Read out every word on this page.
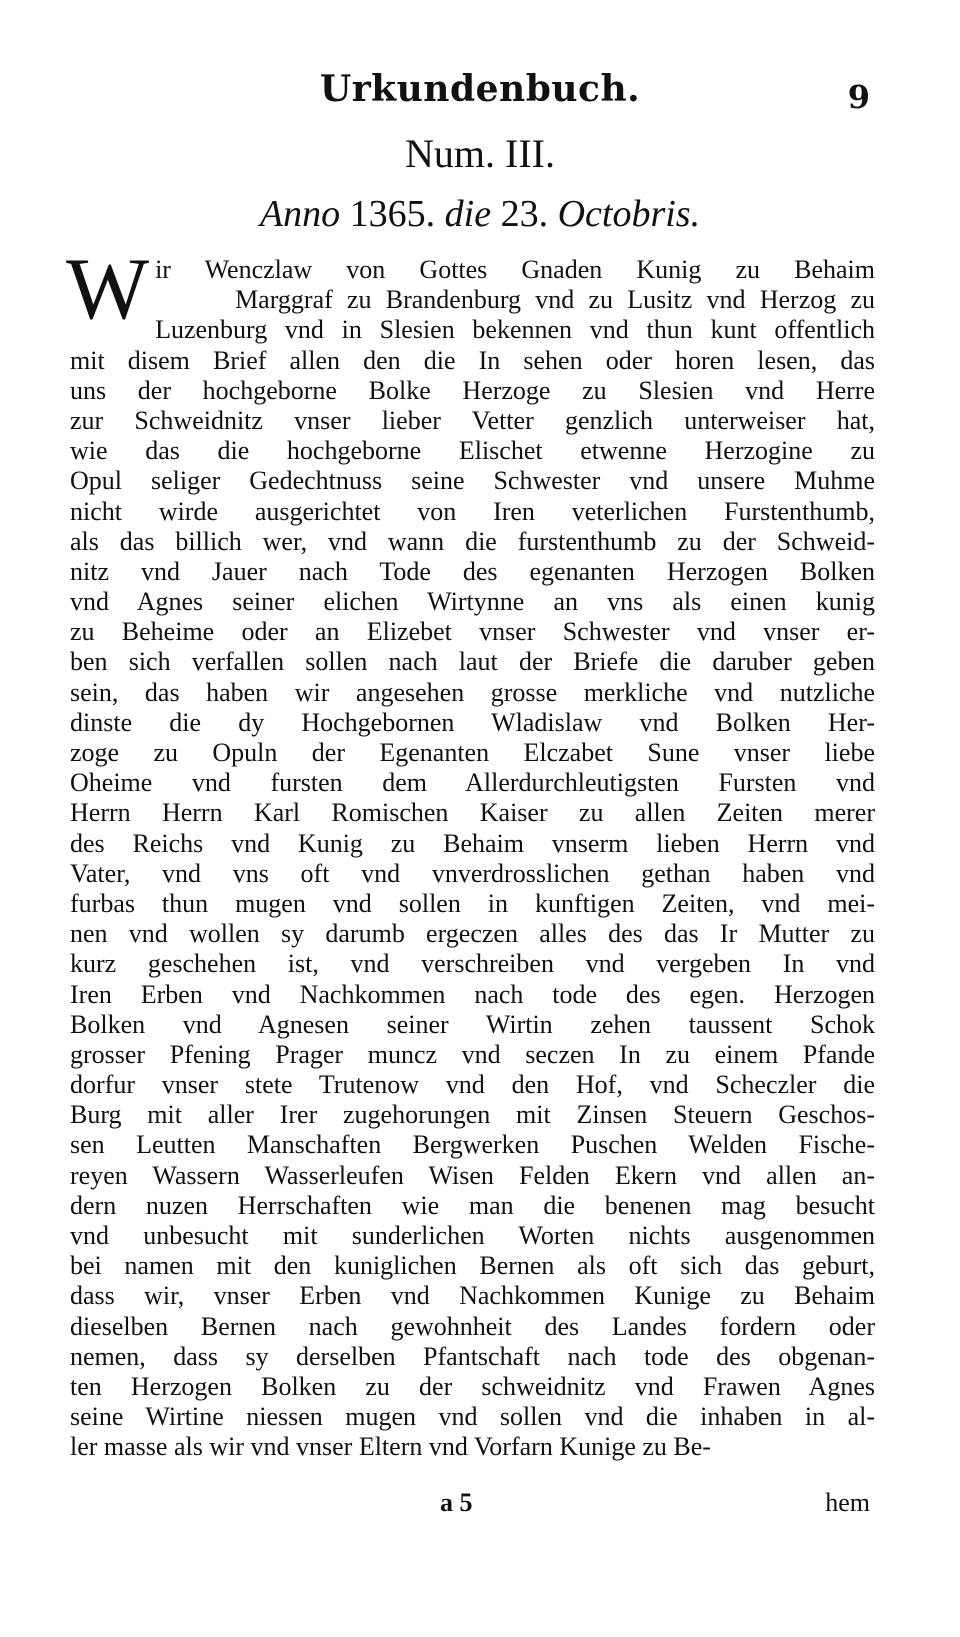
Urkundenbuch.	9
Num. III.
Anno 1365. die 23. Octobris.
W ir Wenczlaw von Gottes Gnaden Kunig zu Behaim
Marggraf zu Brandenburg vnd zu Lusitz vnd Herzog zu
Luzenburg vnd in Slesien bekennen vnd thun kunt offentlich
mit disem Brief allen den die In sehen oder horen lesen, das
uns der hochgeborne Bolke Herzoge zu Slesien vnd Herre
zur Schweidnitz vnser lieber Vetter genzlich unterweiser hat,
wie das die hochgeborne Elischet etwenne Herzogine zu
Opul seliger Gedechtnuss seine Schwester vnd unsere Muhme
nicht wirde ausgerichtet von Iren veterlichen Furstenthumb,
als das billich wer, vnd wann die furstenthumb zu der Schweid-
nitz vnd Jauer nach Tode des egenanten Herzogen Bolken
vnd Agnes seiner elichen Wirtynne an vns als einen kunig
zu Beheime oder an Elizebet vnser Schwester vnd vnser er-
ben sich verfallen sollen nach laut der Briefe die daruber geben
sein, das haben wir angesehen grosse merkliche vnd nutzliche
dinste die dy Hochgebornen Wladislaw vnd Bolken Her-
zoge zu Opuln der Egenanten Elczabet Sune vnser liebe
Oheime vnd fursten dem Allerdurchleutigsten Fursten vnd
Herrn Herrn Karl Romischen Kaiser zu allen Zeiten merer
des Reichs vnd Kunig zu Behaim vnserm lieben Herrn vnd
Vater, vnd vns oft vnd vnverdrosslichen gethan haben vnd
furbas thun mugen vnd sollen in kunftigen Zeiten, vnd mei-
nen vnd wollen sy darumb ergeczen alles des das Ir Mutter zu
kurz geschehen ist, vnd verschreiben vnd vergeben In vnd
Iren Erben vnd Nachkommen nach tode des egen. Herzogen
Bolken vnd Agnesen seiner Wirtin zehen taussent Schok
grosser Pfening Prager muncz vnd seczen In zu einem Pfande
dorfur vnser stete Trutenow vnd den Hof, vnd Scheczler die
Burg mit aller Irer zugehorungen mit Zinsen Steuern Geschos-
sen Leutten Manschaften Bergwerken Puschen Welden Fische-
reyen Wassern Wasserleufen Wisen Felden Ekern vnd allen an-
dern nuzen Herrschaften wie man die benenen mag besucht
vnd unbesucht mit sunderlichen Worten nichts ausgenommen
bei namen mit den kuniglichen Bernen als oft sich das geburt,
dass wir, vnser Erben vnd Nachkommen Kunige zu Behaim
dieselben Bernen nach gewohnheit des Landes fordern oder
nemen, dass sy derselben Pfantschaft nach tode des obgenan-
ten Herzogen Bolken zu der schweidnitz vnd Frawen Agnes
seine Wirtine niessen mugen vnd sollen vnd die inhaben in al-
ler masse als wir vnd vnser Eltern vnd Vorfarn Kunige zu Be-
a 5	hem
